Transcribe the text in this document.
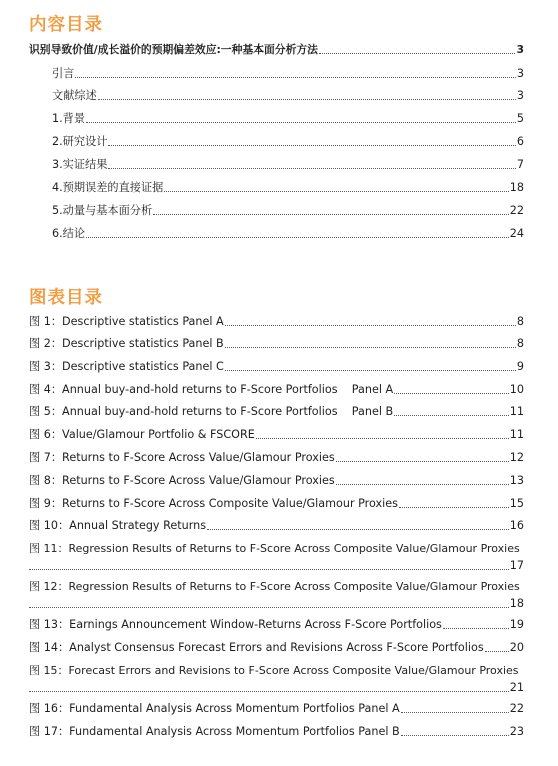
内容目录
识别导致价值/成长溢价的预期偏差效应:一种基本面分析方法	3
引言	3
文献综述	3
1.背景	5
2.研究设计	6
3.实证结果	7
4.预期误差的直接证据	18
5.动量与基本面分析	22
6.结论	24
图表目录
图 1：Descriptive statistics Panel A	8
图 2：Descriptive statistics Panel B	8
图 3：Descriptive statistics Panel C	9
图 4：Annual buy-and-hold returns to F-Score Portfolios    Panel A	10
图 5：Annual buy-and-hold returns to F-Score Portfolios    Panel B	11
图 6：Value/Glamour Portfolio & FSCORE	11
图 7：Returns to F-Score Across Value/Glamour Proxies	12
图 8：Returns to F-Score Across Value/Glamour Proxies	13
图 9：Returns to F-Score Across Composite Value/Glamour Proxies	15
图 10：Annual Strategy Returns	16
图 11：Regression Results of Returns to F-Score Across Composite Value/Glamour Proxies
17
图 12：Regression Results of Returns to F-Score Across Composite Value/Glamour Proxies
18
图 13：Earnings Announcement Window-Returns Across F-Score Portfolios	19
图 14：Analyst Consensus Forecast Errors and Revisions Across F-Score Portfolios 20
图 15：Forecast Errors and Revisions to F-Score Across Composite Value/Glamour Proxies
21
图 16：Fundamental Analysis Across Momentum Portfolios Panel A	22
图 17：Fundamental Analysis Across Momentum Portfolios Panel B	23
